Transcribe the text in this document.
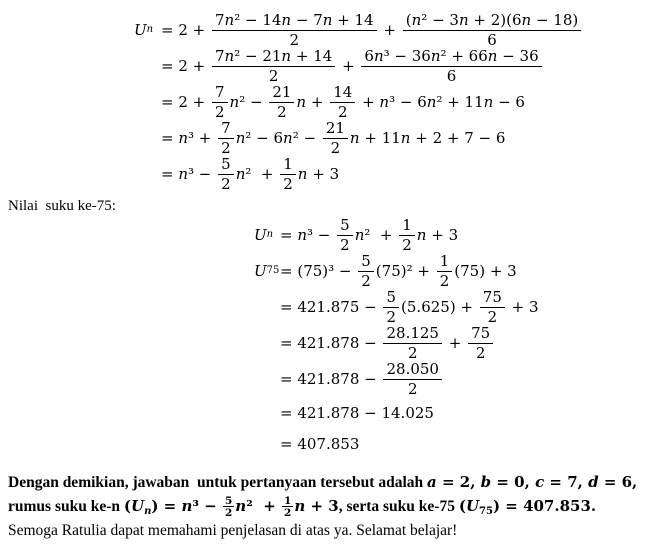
U $n = 2 + \frac{\text{7n² − 14n − 7n + 14}}{2} + \frac{\text{(n² − 3n + 2)(6n − 18)}}{6}$
= $2 + \frac{\text{7n² − 21n + 14}}{2} + \frac{\text{6n³ − 36n² + 66n − 36}}{6}$
= $2 + \frac{7}{2} n^2 - \frac{21}{2}$ $n + \frac{14}{2} + n^3 - 6n^2 + 11n - 6$
= $n^3 + \frac{7}{2} n^2 - 6n^2 - \frac{21}{2}$ n + 11n + 2 + 7 − 6
= $n^3 - \frac{5}{2} n^2 + \frac{1}{2}$ n + 3
Nilai  suku ke-75:
U $n = n^3 - \frac{5}{2} n^2 + \frac{1}{2}$ n + 3
U $75 = (75)^3 - \frac{5}{2} (75)^2 + \frac{1}{2} (75) + 3$
= $421.875 - \frac{5}{2} (5.625) + \frac{75}{2} + 3$
= $421.878 - \frac{28.125}{2} + \frac{75}{2}$
= $421.878 - \frac{28.050}{2}$
= 421.878 − 14.025
= 407.853
Dengan demikian, jawaban  untuk pertanyaan tersebut adalah a = 2, b = 0, c = 7, d = 6, rumus suku ke-n $(U_n) = n^3 - \frac{5}{2} n^2 + \frac{1}{2}$ n + 3, serta suku ke-75 $(U_{75}) = 407.853$.
Semoga Ratulia dapat memahami penjelasan di atas ya. Selamat belajar!
